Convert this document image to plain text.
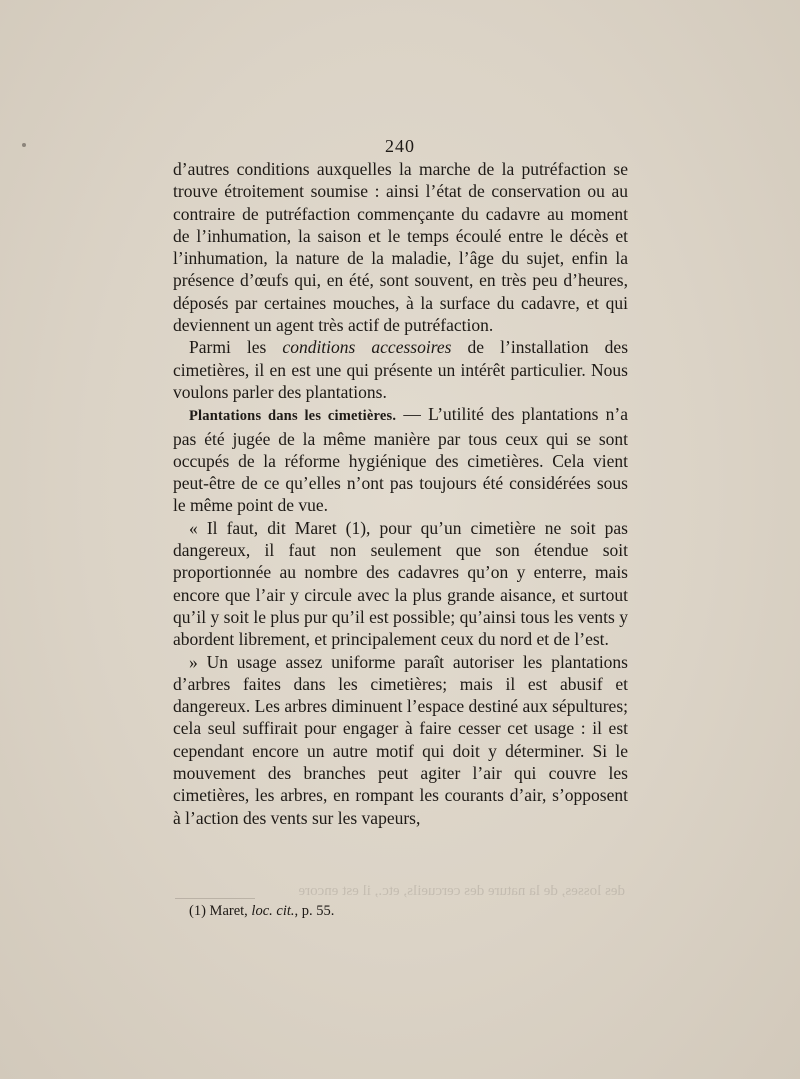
240

d’autres conditions auxquelles la marche de la putréfaction se trouve étroitement soumise : ainsi l’état de conservation ou au contraire de putréfaction commençante du cadavre au moment de l’inhumation, la saison et le temps écoulé entre le décès et l’inhumation, la nature de la maladie, l’âge du sujet, enfin la présence d’œufs qui, en été, sont souvent, en très peu d’heures, déposés par certaines mouches, à la surface du cadavre, et qui deviennent un agent très actif de putréfaction.

Parmi les conditions accessoires de l’installation des cimetières, il en est une qui présente un intérêt particulier. Nous voulons parler des plantations.

Plantations dans les cimetières. — L’utilité des plantations n’a pas été jugée de la même manière par tous ceux qui se sont occupés de la réforme hygiénique des cimetières. Cela vient peut-être de ce qu’elles n’ont pas toujours été considérées sous le même point de vue.

« Il faut, dit Maret (1), pour qu’un cimetière ne soit pas dangereux, il faut non seulement que son étendue soit proportionnée au nombre des cadavres qu’on y enterre, mais encore que l’air y circule avec la plus grande aisance, et surtout qu’il y soit le plus pur qu’il est possible; qu’ainsi tous les vents y abordent librement, et principalement ceux du nord et de l’est.

» Un usage assez uniforme paraît autoriser les plantations d’arbres faites dans les cimetières; mais il est abusif et dangereux. Les arbres diminuent l’espace destiné aux sépultures; cela seul suffirait pour engager à faire cesser cet usage : il est cependant encore un autre motif qui doit y déterminer. Si le mouvement des branches peut agiter l’air qui couvre les cimetières, les arbres, en rompant les courants d’air, s’opposent à l’action des vents sur les vapeurs,

des losses, de la nature des cercueils, etc., il est encore
(1) Maret, loc. cit., p. 55.
